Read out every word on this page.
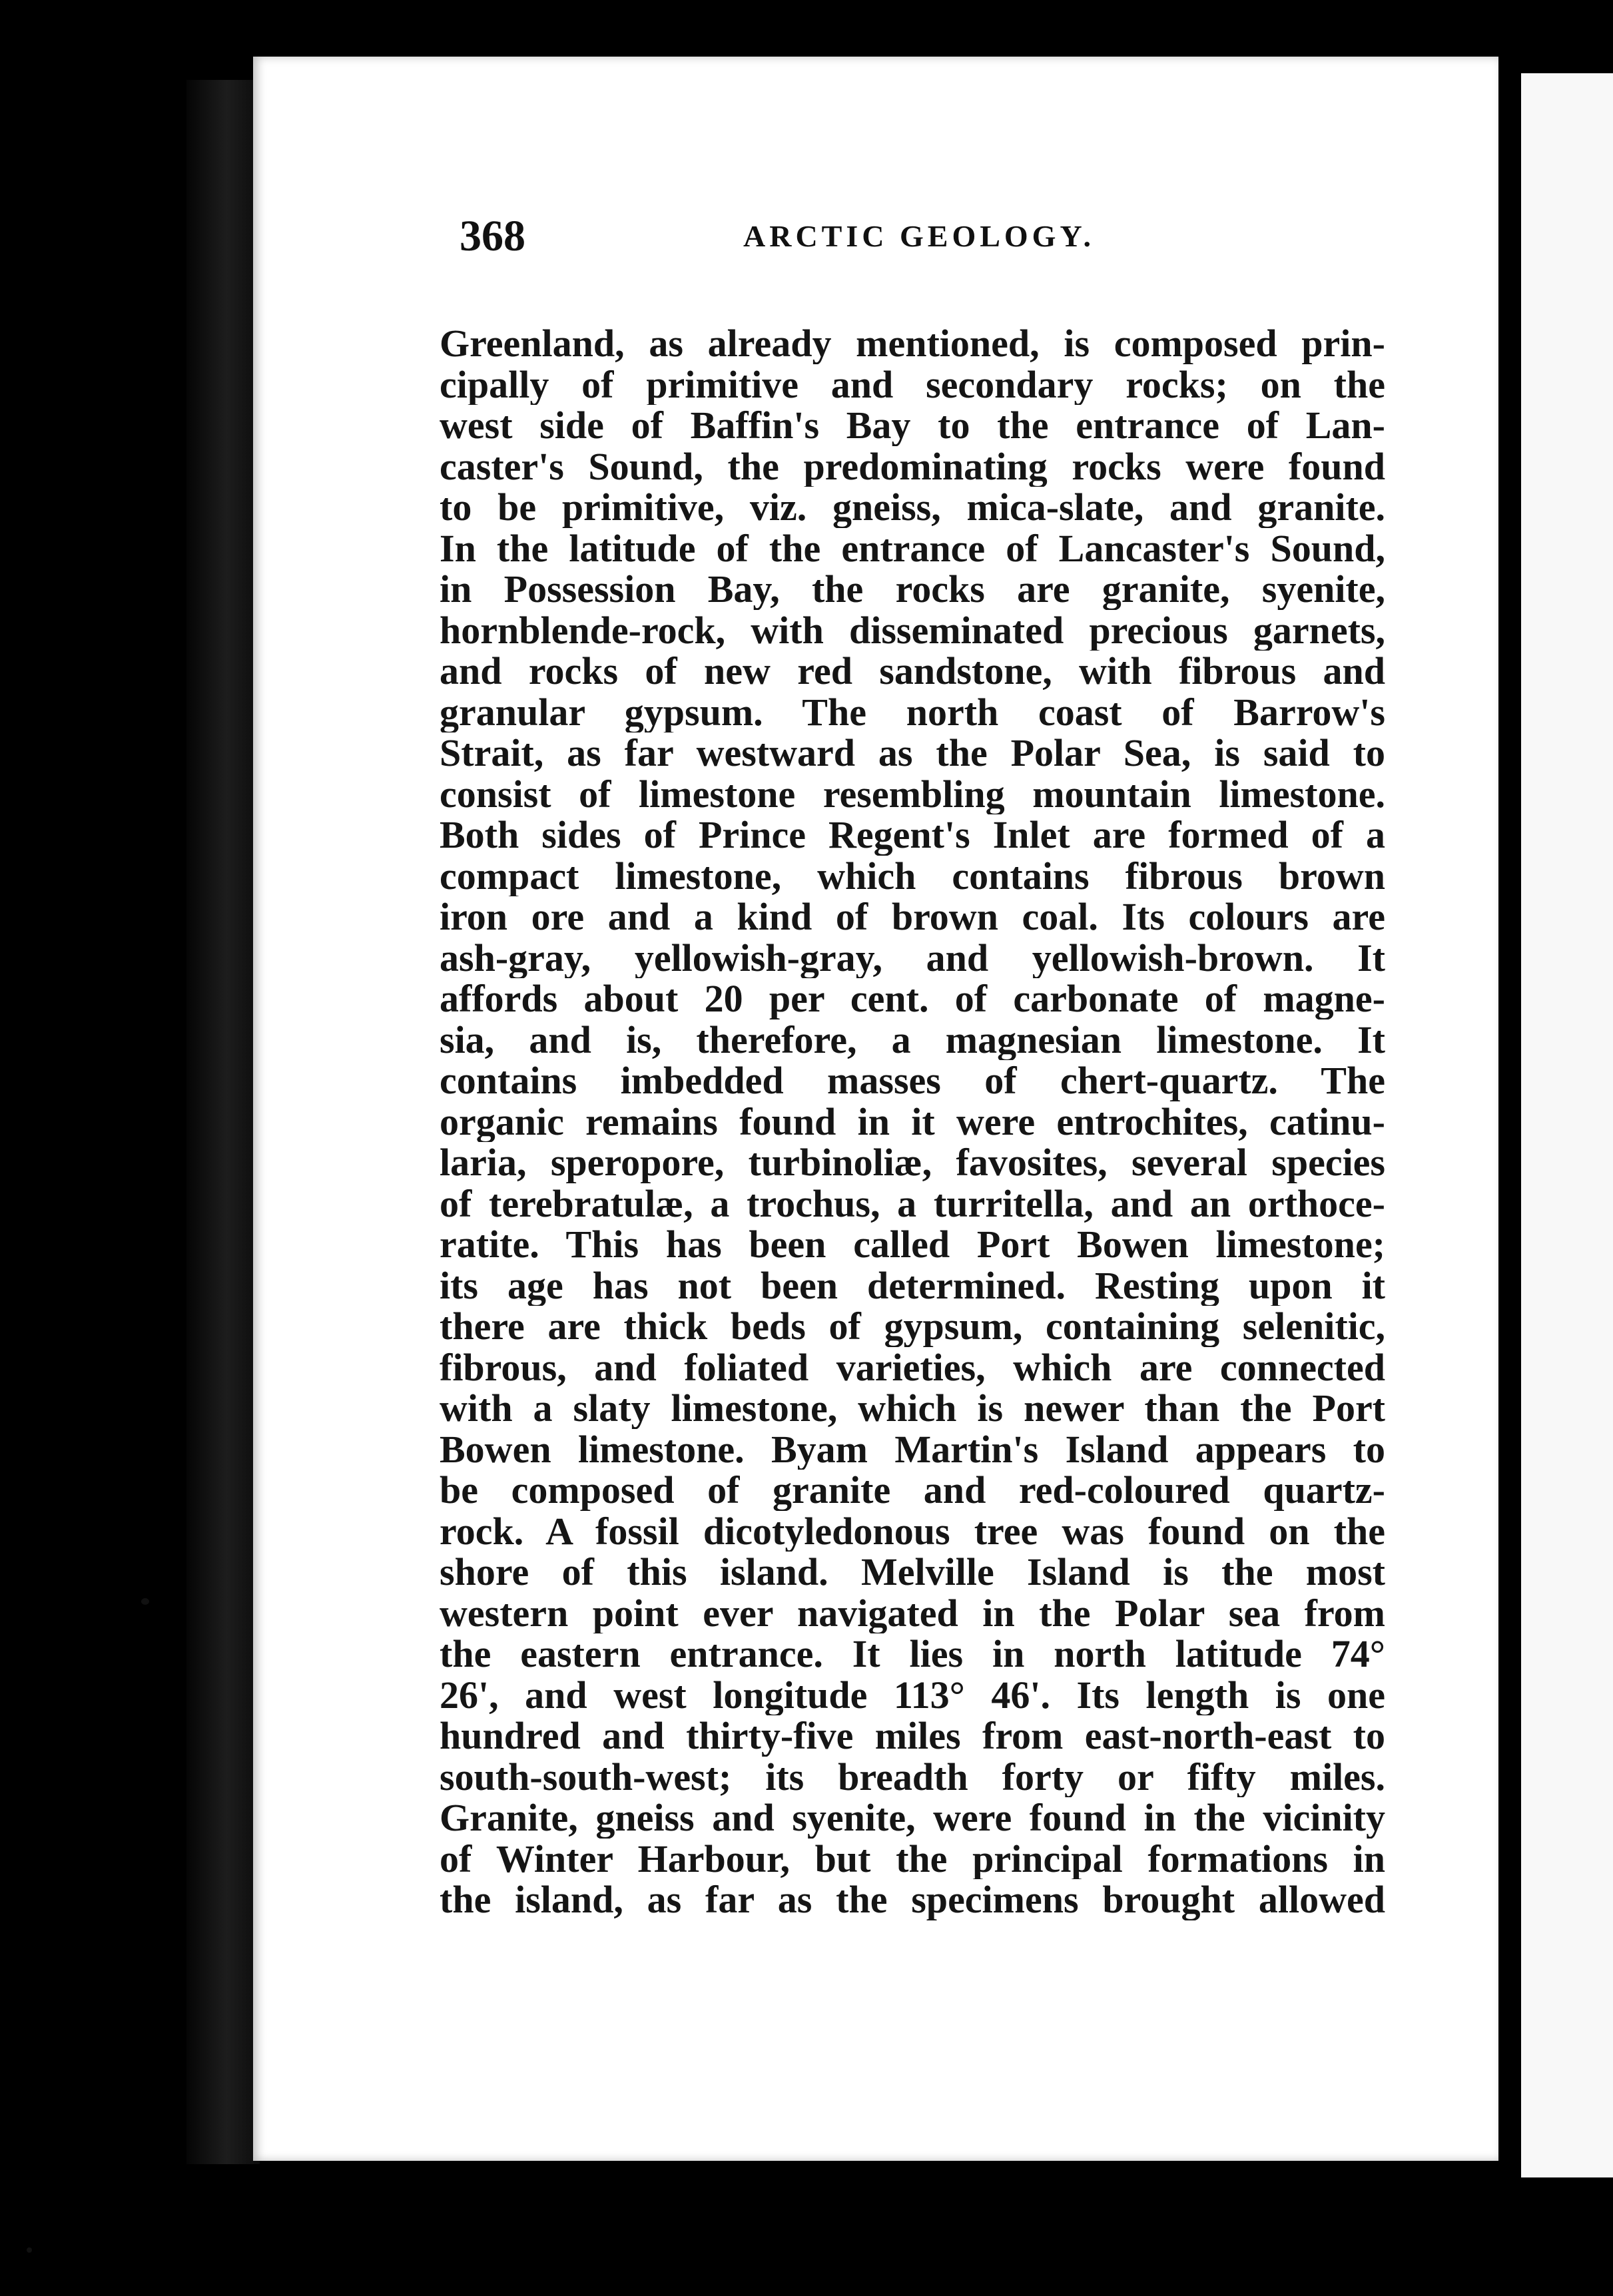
368	ARCTIC GEOLOGY.
Greenland, as already mentioned, is composed prin-
cipally of primitive and secondary rocks; on the
west side of Baffin's Bay to the entrance of Lan-
caster's Sound, the predominating rocks were found
to be primitive, viz. gneiss, mica-slate, and granite.
In the latitude of the entrance of Lancaster's Sound,
in Possession Bay, the rocks are granite, syenite,
hornblende-rock, with disseminated precious garnets,
and rocks of new red sandstone, with fibrous and
granular gypsum. The north coast of Barrow's
Strait, as far westward as the Polar Sea, is said to
consist of limestone resembling mountain limestone.
Both sides of Prince Regent's Inlet are formed of a
compact limestone, which contains fibrous brown
iron ore and a kind of brown coal. Its colours are
ash-gray, yellowish-gray, and yellowish-brown. It
affords about 20 per cent. of carbonate of magne-
sia, and is, therefore, a magnesian limestone. It
contains imbedded masses of chert-quartz. The
organic remains found in it were entrochites, catinu-
laria, speropore, turbinoliæ, favosites, several species
of terebratulæ, a trochus, a turritella, and an orthoce-
ratite. This has been called Port Bowen limestone;
its age has not been determined. Resting upon it
there are thick beds of gypsum, containing selenitic,
fibrous, and foliated varieties, which are connected
with a slaty limestone, which is newer than the Port
Bowen limestone. Byam Martin's Island appears to
be composed of granite and red-coloured quartz-
rock. A fossil dicotyledonous tree was found on the
shore of this island. Melville Island is the most
western point ever navigated in the Polar sea from
the eastern entrance. It lies in north latitude 74°
26', and west longitude 113° 46'. Its length is one
hundred and thirty-five miles from east-north-east to
south-south-west; its breadth forty or fifty miles.
Granite, gneiss and syenite, were found in the vicinity
of Winter Harbour, but the principal formations in
the island, as far as the specimens brought allowed
